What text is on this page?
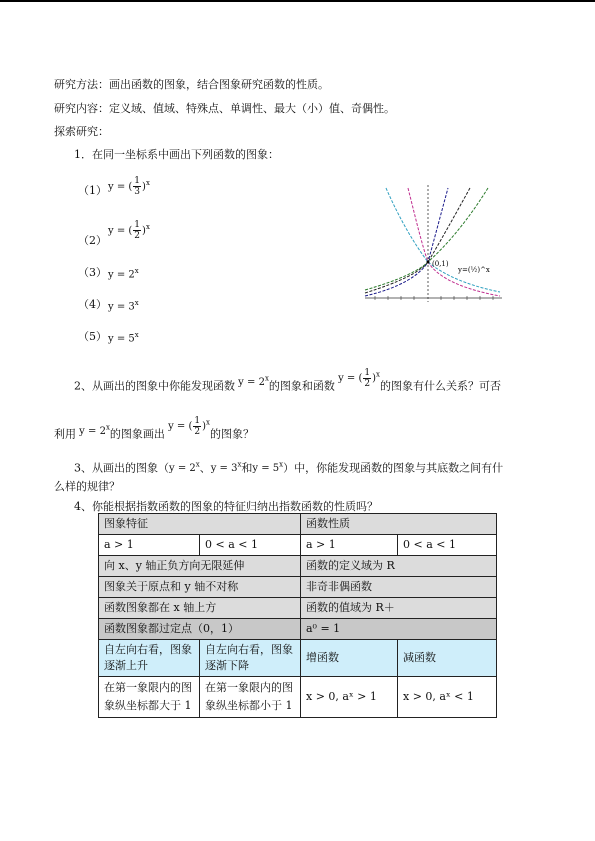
研究方法：画出函数的图象，结合图象研究函数的性质。
研究内容：定义域、值域、特殊点、单调性、最大（小）值、奇偶性。
探索研究：
1．在同一坐标系中画出下列函数的图象：
（1） y = ( $\frac{1}{3} )^x$
（2）
y = ( $\frac{1}{2} )^x$
（3） $y = 2^x$
（4） $y = 3^x$
（5） $y = 5^x$
(0,1)
y=(½)^x
2、从画出的图象中你能发现函数 $y = 2^x$的图象和函数 y = ( $\frac{1}{2} )^x$的图象有什么关系？可否
利用 $y = 2^x$的图象画出 y = ( $\frac{1}{2} )^x$的图象？
3、从画出的图象（$y = 2^x$、$y = 3^x$和$y = 5^x$）中，你能发现函数的图象与其底数之间有什
么样的规律？
4、你能根据指数函数的图象的特征归纳出指数函数的性质吗？
图象特征		函数性质	
a > 1	0 < a < 1	a > 1	0 < a < 1
向 x、y 轴正负方向无限延伸		函数的定义域为 R	
图象关于原点和 y 轴不对称		非奇非偶函数	
函数图象都在 x 轴上方		函数的值域为 R＋	
函数图象都过定点（0，1）		a⁰ = 1	
自左向右看，图象逐渐上升	自左向右看，图象逐渐下降	增函数	减函数
在第一象限内的图象纵坐标都大于 1	在第一象限内的图象纵坐标都小于 1	x > 0, aˣ > 1	x > 0, aˣ < 1
